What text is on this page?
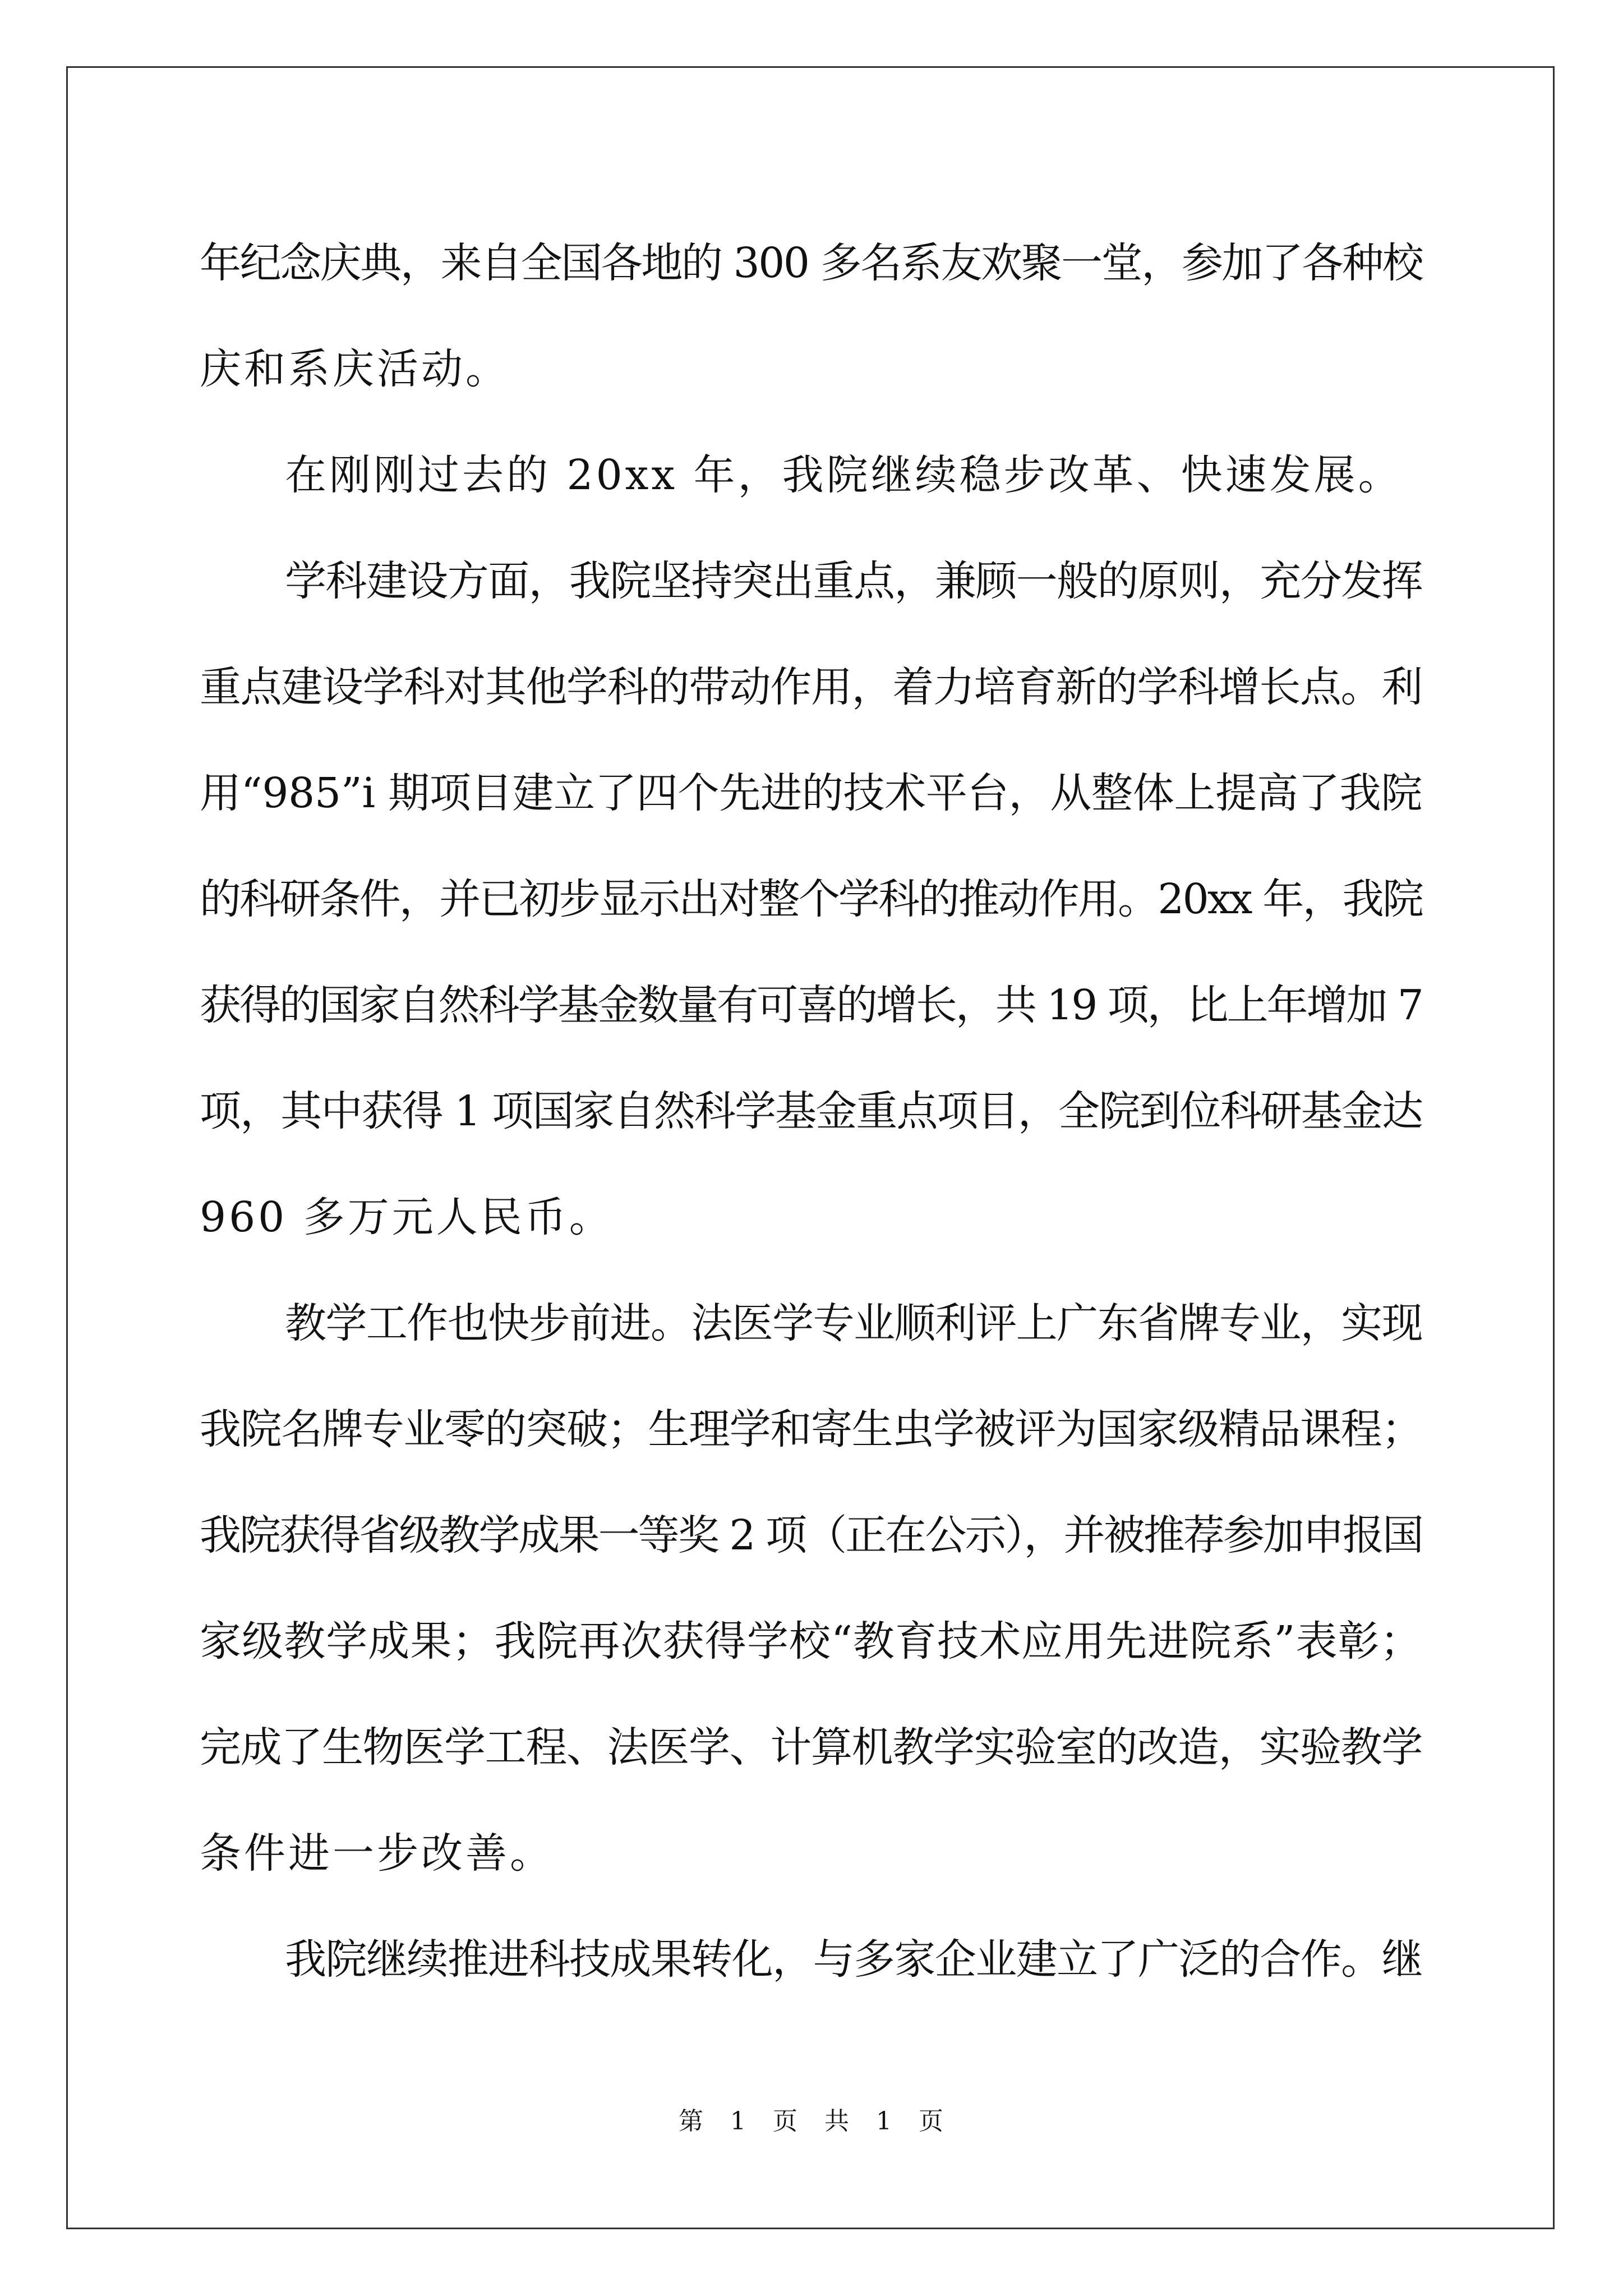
年纪念庆典，来自全国各地的 300 多名系友欢聚一堂，参加了各种校
庆和系庆活动。
在刚刚过去的 20xx 年，我院继续稳步改革、快速发展。
学科建设方面，我院坚持突出重点，兼顾一般的原则，充分发挥
重点建设学科对其他学科的带动作用，着力培育新的学科增长点。利
用“985”i 期项目建立了四个先进的技术平台，从整体上提高了我院
的科研条件，并已初步显示出对整个学科的推动作用。20xx 年，我院
获得的国家自然科学基金数量有可喜的增长，共 19 项，比上年增加 7
项，其中获得 1 项国家自然科学基金重点项目，全院到位科研基金达
960 多万元人民币。
教学工作也快步前进。法医学专业顺利评上广东省牌专业，实现
我院名牌专业零的突破；生理学和寄生虫学被评为国家级精品课程；
我院获得省级教学成果一等奖 2 项（正在公示），并被推荐参加申报国
家级教学成果；我院再次获得学校“教育技术应用先进院系”表彰；
完成了生物医学工程、法医学、计算机教学实验室的改造，实验教学
条件进一步改善。
我院继续推进科技成果转化，与多家企业建立了广泛的合作。继
第 1 页 共 1 页
